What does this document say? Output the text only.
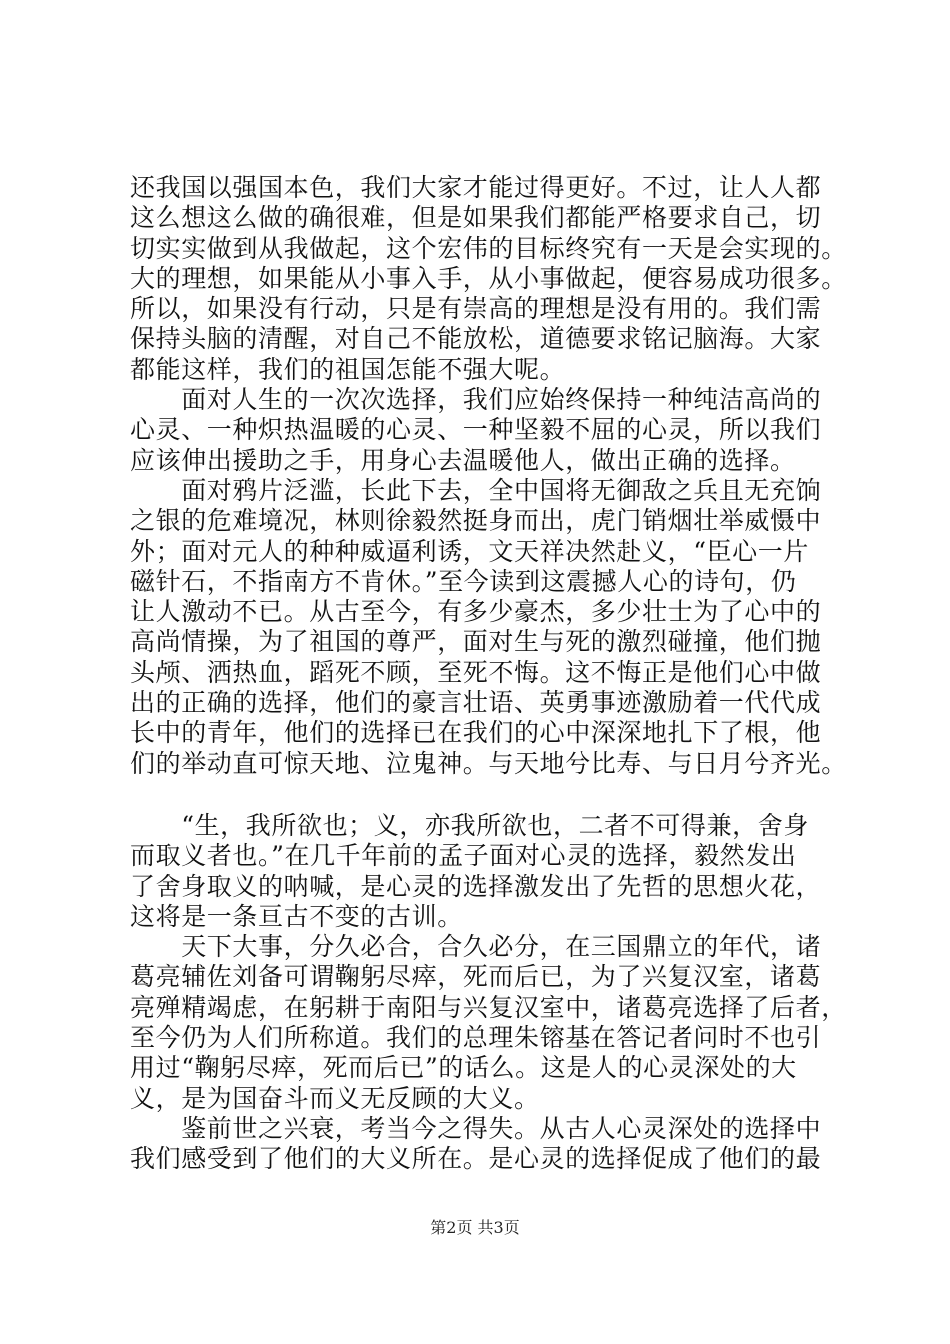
还我国以强国本色，我们大家才能过得更好。不过，让人人都
这么想这么做的确很难，但是如果我们都能严格要求自己，切
切实实做到从我做起，这个宏伟的目标终究有一天是会实现的。
大的理想，如果能从小事入手，从小事做起，便容易成功很多。
所以，如果没有行动，只是有崇高的理想是没有用的。我们需
保持头脑的清醒，对自己不能放松，道德要求铭记脑海。大家
都能这样，我们的祖国怎能不强大呢。
　　面对人生的一次次选择，我们应始终保持一种纯洁高尚的
心灵、一种炽热温暖的心灵、一种坚毅不屈的心灵，所以我们
应该伸出援助之手，用身心去温暖他人，做出正确的选择。
　　面对鸦片泛滥，长此下去，全中国将无御敌之兵且无充饷
之银的危难境况，林则徐毅然挺身而出，虎门销烟壮举威慑中
外；面对元人的种种威逼利诱，文天祥决然赴义，“臣心一片
磁针石，不指南方不肯休。”至今读到这震撼人心的诗句，仍
让人激动不已。从古至今，有多少豪杰，多少壮士为了心中的
高尚情操，为了祖国的尊严，面对生与死的激烈碰撞，他们抛
头颅、洒热血，蹈死不顾，至死不悔。这不悔正是他们心中做
出的正确的选择，他们的豪言壮语、英勇事迹激励着一代代成
长中的青年，他们的选择已在我们的心中深深地扎下了根，他
们的举动直可惊天地、泣鬼神。与天地兮比寿、与日月兮齐光。
　　“生，我所欲也；义，亦我所欲也，二者不可得兼，舍身
而取义者也。”在几千年前的孟子面对心灵的选择，毅然发出
了舍身取义的呐喊，是心灵的选择激发出了先哲的思想火花，
这将是一条亘古不变的古训。
　　天下大事，分久必合，合久必分，在三国鼎立的年代，诸
葛亮辅佐刘备可谓鞠躬尽瘁，死而后已，为了兴复汉室，诸葛
亮殚精竭虑，在躬耕于南阳与兴复汉室中，诸葛亮选择了后者，
至今仍为人们所称道。我们的总理朱镕基在答记者问时不也引
用过“鞠躬尽瘁，死而后已”的话么。这是人的心灵深处的大
义，是为国奋斗而义无反顾的大义。
　　鉴前世之兴衰，考当今之得失。从古人心灵深处的选择中
我们感受到了他们的大义所在。是心灵的选择促成了他们的最
第2页 共3页
